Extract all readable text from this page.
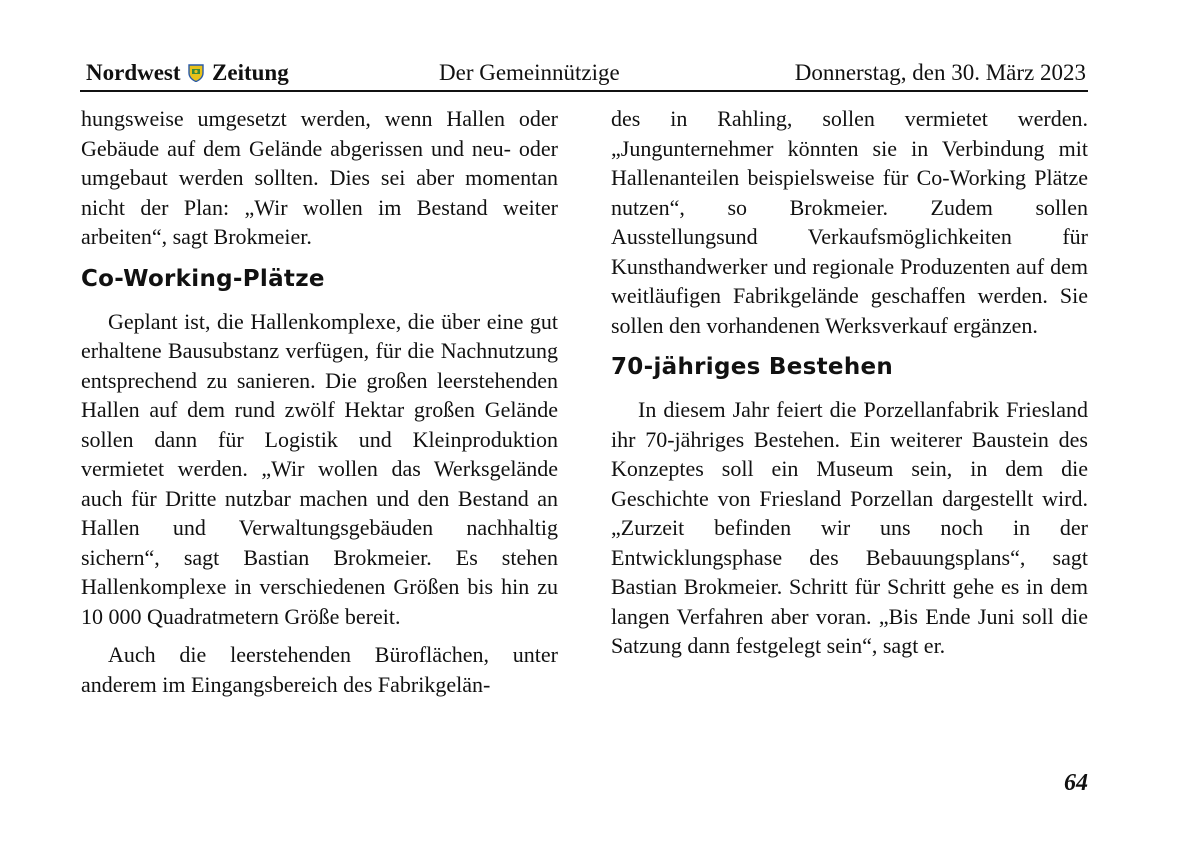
Nordwest Zeitung	Der Gemeinnützige	Donnerstag, den 30. März 2023

hungsweise umgesetzt werden, wenn Hallen oder Gebäude auf dem Gelände abgerissen und neu- oder umgebaut werden sollten. Dies sei aber momentan nicht der Plan: „Wir wollen im Bestand weiter arbeiten“, sagt Brokmeier.

Co-Working-Plätze

Geplant ist, die Hallenkomplexe, die über eine gut erhaltene Bausubstanz verfügen, für die Nachnutzung entsprechend zu sanieren. Die großen leerstehenden Hallen auf dem rund zwölf Hektar großen Gelände sollen dann für Logistik und Kleinproduktion vermietet werden. „Wir wollen das Werksgelände auch für Dritte nutzbar machen und den Bestand an Hallen und Verwaltungsgebäuden nachhaltig sichern“, sagt Bastian Brokmeier. Es stehen Hallenkomplexe in verschiedenen Größen bis hin zu 10 000 Quadratmetern Größe bereit.

Auch die leerstehenden Büroflächen, unter anderem im Eingangsbereich des Fabrikgelän-

des in Rahling, sollen vermietet werden. „Jungunternehmer könnten sie in Verbindung mit Hallenanteilen beispielsweise für Co-Working Plätze nutzen“, so Brokmeier. Zudem sollen Ausstellungsund Verkaufsmöglichkeiten für Kunsthandwerker und regionale Produzenten auf dem weitläufigen Fabrikgelände geschaffen werden. Sie sollen den vorhandenen Werksverkauf ergänzen.

70-jähriges Bestehen

In diesem Jahr feiert die Porzellanfabrik Friesland ihr 70-jähriges Bestehen. Ein weiterer Baustein des Konzeptes soll ein Museum sein, in dem die Geschichte von Friesland Porzellan dargestellt wird. „Zurzeit befinden wir uns noch in der Entwicklungsphase des Bebauungsplans“, sagt Bastian Brokmeier. Schritt für Schritt gehe es in dem langen Verfahren aber voran. „Bis Ende Juni soll die Satzung dann festgelegt sein“, sagt er.

64
